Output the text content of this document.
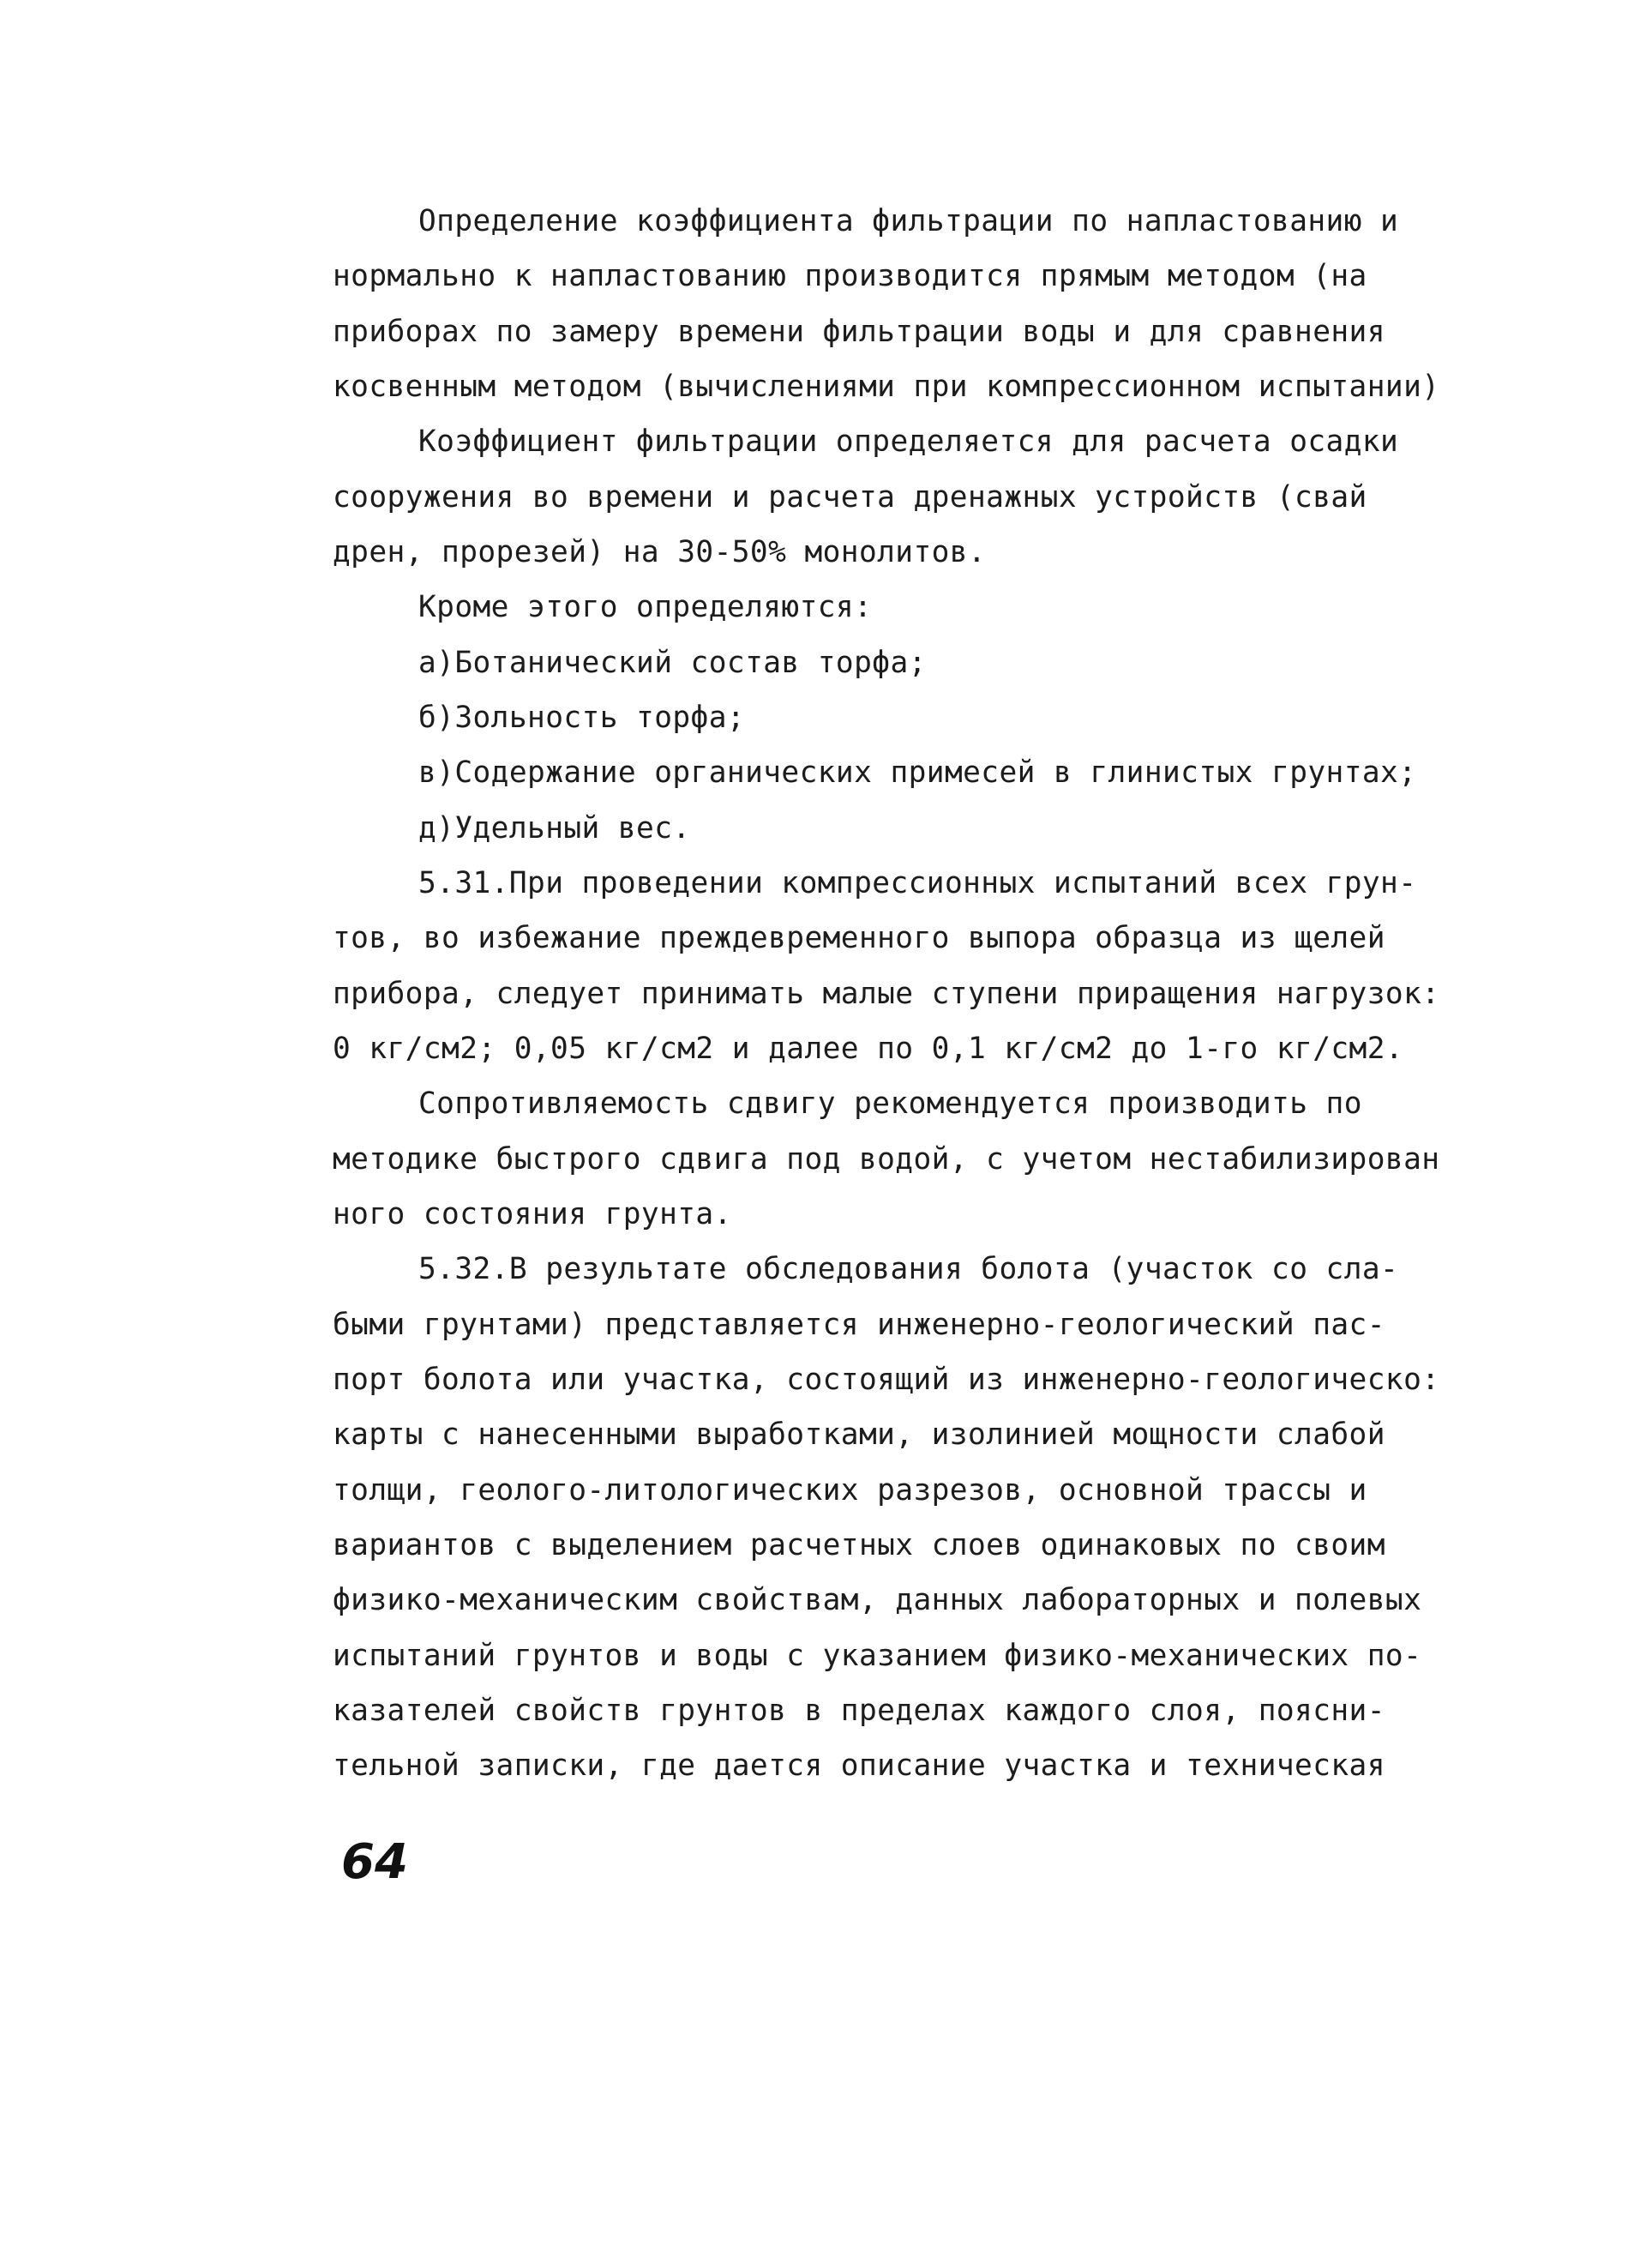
Определение коэффициента фильтрации по напластованию и
нормально к напластованию производится прямым методом (на
приборах по замеру времени фильтрации воды и для сравнения
косвенным методом (вычислениями при компрессионном испытании)
Коэффициент фильтрации определяется для расчета осадки
сооружения во времени и расчета дренажных устройств (свай
дрен, прорезей) на 30-50% монолитов.
Кроме этого определяются:
а)Ботанический состав торфа;
б)Зольность торфа;
в)Содержание органических примесей в глинистых грунтах;
д)Удельный вес.
5.31.При проведении компрессионных испытаний всех грун-
тов, во избежание преждевременного выпора образца из щелей
прибора, следует принимать малые ступени приращения нагрузок:
0 кг/см2; 0,05 кг/см2 и далее по 0,1 кг/см2 до 1-го кг/см2.
Сопротивляемость сдвигу рекомендуется производить по
методике быстрого сдвига под водой, с учетом нестабилизирован
ного состояния грунта.
5.32.В результате обследования болота (участок со сла-
быми грунтами) представляется инженерно-геологический пас-
порт болота или участка, состоящий из инженерно-геологическо:
карты с нанесенными выработками, изолинией мощности слабой
толщи, геолого-литологических разрезов, основной трассы и
вариантов с выделением расчетных слоев одинаковых по своим
физико-механическим свойствам, данных лабораторных и полевых
испытаний грунтов и воды с указанием физико-механических по-
казателей свойств грунтов в пределах каждого слоя, поясни-
тельной записки, где дается описание участка и техническая
64
